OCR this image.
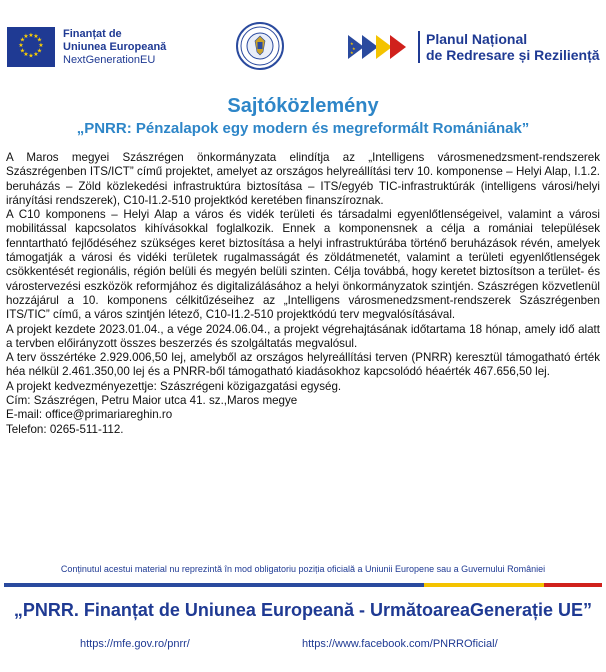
★ ★
★
★
★
★
★
★
★
★
★
★	Finanțat de
Uniunea Europeană
NextGenerationEU
★
★
★
Planul Național
de Redresare și Reziliență
Sajtóközlemény
„PNRR: Pénzalapok egy modern és megreformált Romániának”

A Maros megyei Szászrégen önkormányzata elindítja az „Intelligens városmenedzsment-rendszerek Szászrégenben ITS/ICT” című projektet, amelyet az országos helyreállítási terv 10. komponense – Helyi Alap, I.1.2. beruházás – Zöld közlekedési infrastruktúra biztosítása – ITS/egyéb TIC-infrastruktúrák (intelligens városi/helyi irányítási rendszerek), C10-I1.2-510 projektkód keretében finanszíroznak.

A C10 komponens – Helyi Alap a város és vidék területi és társadalmi egyenlőtlenségeivel, valamint a városi mobilitással kapcsolatos kihívásokkal foglalkozik. Ennek a komponensnek a célja a romániai települések fenntartható fejlődéséhez szükséges keret biztosítása a helyi infrastruktúrába történő beruházások révén, amelyek támogatják a városi és vidéki területek rugalmasságát és zöldátmenetét, valamint a területi egyenlőtlenségek csökkentését regionális, régión belüli és megyén belüli szinten. Célja továbbá, hogy keretet biztosítson a terület- és várostervezési eszközök reformjához és digitalizálásához a helyi önkormányzatok szintjén. Szászrégen közvetlenül hozzájárul a 10. komponens célkitűzéseihez az „Intelligens városmenedzsment-rendszerek Szászrégenben ITS/TIC” című, a város szintjén létező, C10-I1.2-510 projektkódú terv megvalósításával.

A projekt kezdete 2023.01.04., a vége 2024.06.04., a projekt végrehajtásának időtartama 18 hónap, amely idő alatt a tervben előirányzott összes beszerzés és szolgáltatás megvalósul.

A terv összértéke 2.929.006,50 lej, amelyből az országos helyreállítási terven (PNRR) keresztül támogatható érték héa nélkül 2.461.350,00 lej és a PNRR-ből támogatható kiadásokhoz kapcsolódó héaérték 467.656,50 lej.

A projekt kedvezményezettje: Szászrégeni közigazgatási egység.

Cím: Szászrégen, Petru Maior utca 41. sz.,Maros megye

E-mail: office@primariareghin.ro

Telefon: 0265-511-112.

Conținutul acestui material nu reprezintă în mod obligatoriu poziția oficială a Uniunii Europene sau a Guvernului României
„PNRR. Finanțat de Uniunea Europeană - UrmătoareaGenerație UE”
https://mfe.gov.ro/pnrr/	https://www.facebook.com/PNRROficial/
